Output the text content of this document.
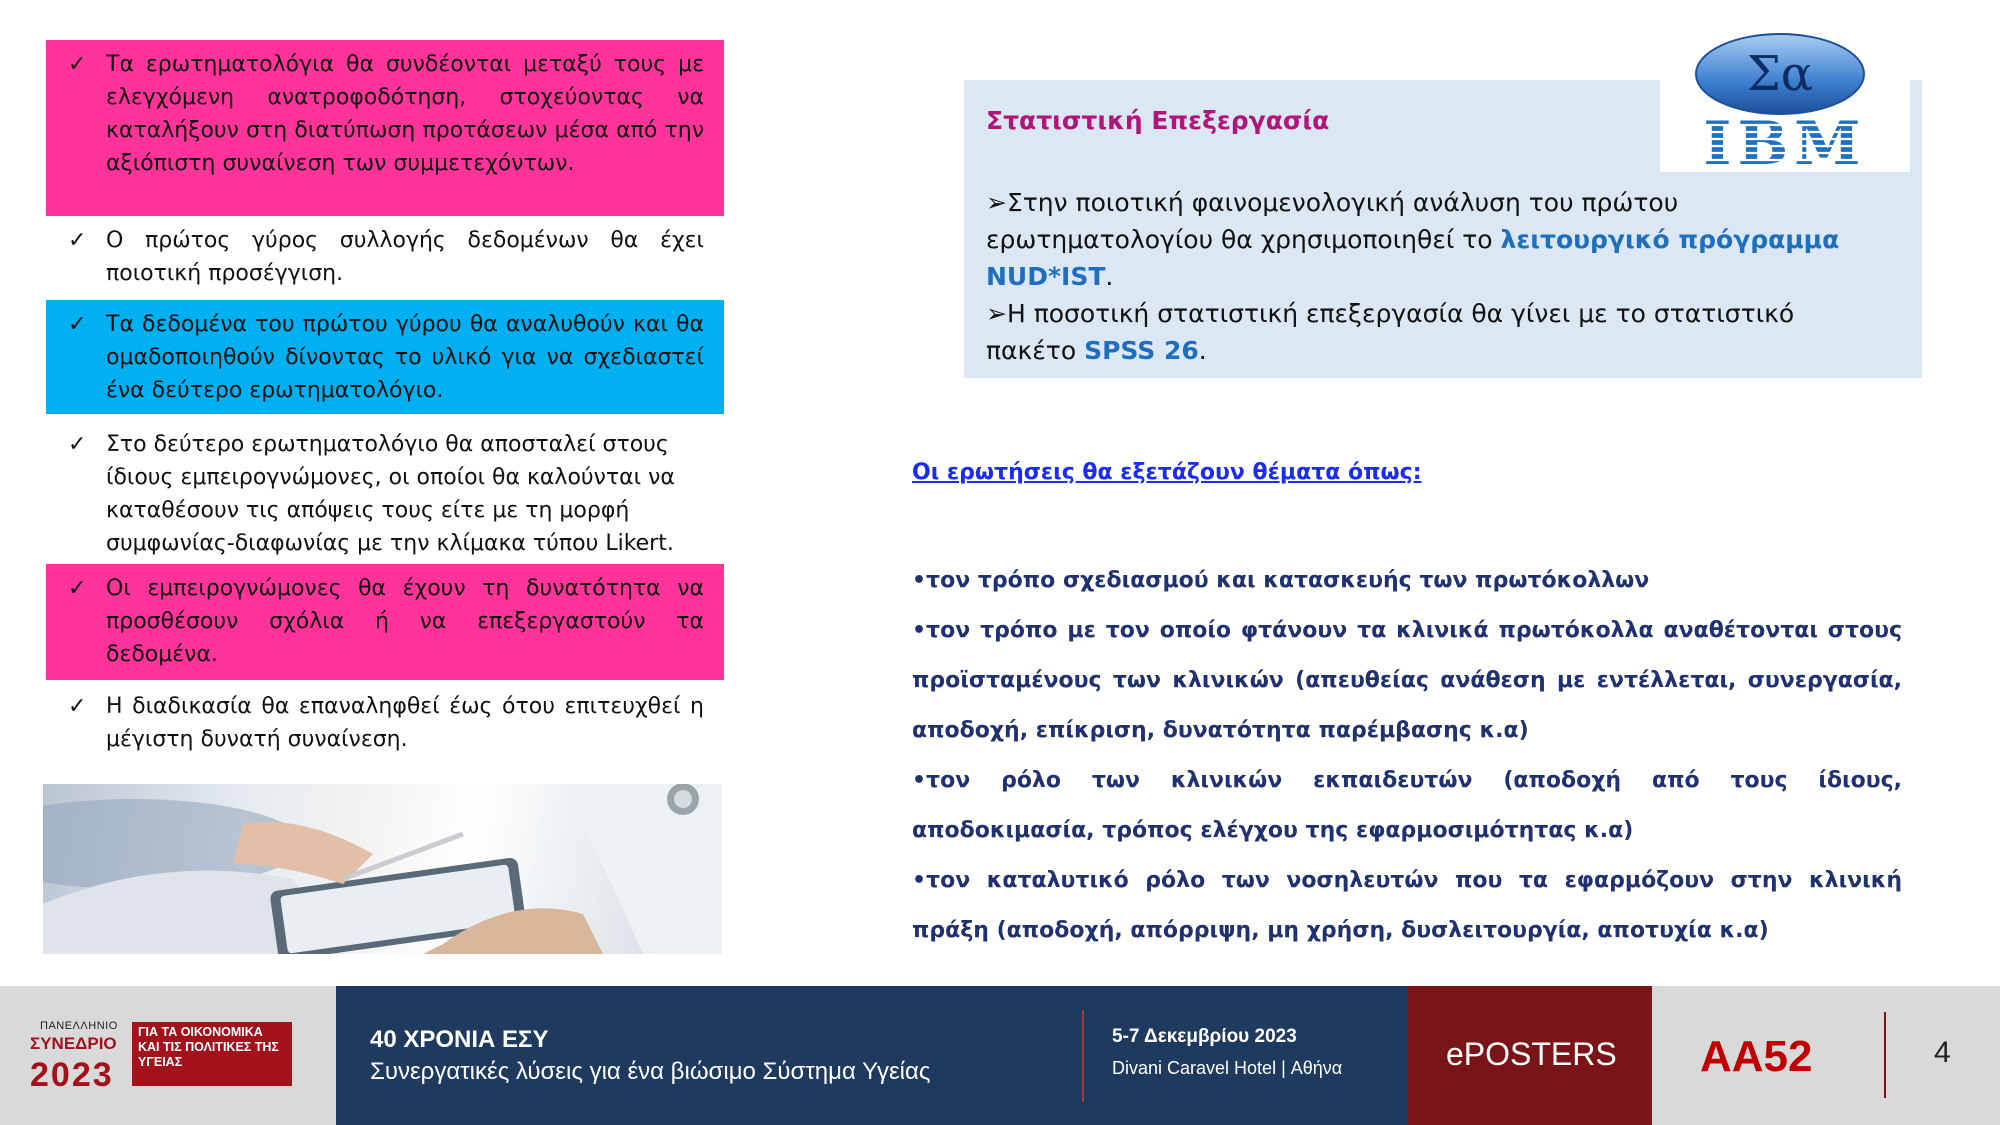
✓ Τα ερωτηματολόγια θα συνδέονται μεταξύ τους με ελεγχόμενη ανατροφοδότηση, στοχεύοντας να καταλήξουν στη διατύπωση προτάσεων μέσα από την αξιόπιστη συναίνεση των συμμετεχόντων.
✓ Ο πρώτος γύρος συλλογής δεδομένων θα έχει ποιοτική προσέγγιση.
✓ Τα δεδομένα του πρώτου γύρου θα αναλυθούν και θα ομαδοποιηθούν δίνοντας το υλικό για να σχεδιαστεί ένα δεύτερο ερωτηματολόγιο.
✓ Στο δεύτερο ερωτηματολόγιο θα αποσταλεί στους ίδιους εμπειρογνώμονες, οι οποίοι θα καλούνται να καταθέσουν τις απόψεις τους είτε με τη μορφή συμφωνίας-διαφωνίας με την κλίμακα τύπου Likert.
✓ Οι εμπειρογνώμονες θα έχουν τη δυνατότητα να προσθέσουν σχόλια ή να επεξεργαστούν τα δεδομένα.
✓ Η διαδικασία θα επαναληφθεί έως ότου επιτευχθεί η μέγιστη δυνατή συναίνεση.
Στατιστική Επεξεργασία
➢Στην ποιοτική φαινομενολογική ανάλυση του πρώτου ερωτηματολογίου θα χρησιμοποιηθεί το λειτουργικό πρόγραμμα NUD*IST.
➢Η ποσοτική στατιστική επεξεργασία θα γίνει με το στατιστικό πακέτο SPSS 26.
Σα
IBM
Οι ερωτήσεις θα εξετάζουν θέματα όπως:
•τον τρόπο σχεδιασμού και κατασκευής των πρωτόκολλων
•τον τρόπο με τον οποίο φτάνουν τα κλινικά πρωτόκολλα αναθέτονται στους προϊσταμένους των κλινικών (απευθείας ανάθεση με εντέλλεται, συνεργασία, αποδοχή, επίκριση, δυνατότητα παρέμβασης κ.α)
•τον ρόλο των κλινικών εκπαιδευτών (αποδοχή από τους ίδιους, αποδοκιμασία, τρόπος ελέγχου της εφαρμοσιμότητας κ.α)
•τον καταλυτικό ρόλο των νοσηλευτών που τα εφαρμόζουν στην κλινική πράξη (αποδοχή, απόρριψη, μη χρήση, δυσλειτουργία, αποτυχία κ.α)
ΠΑΝΕΛΛΗΝΙΟ
ΣΥΝΕΔΡΙΟ
2023
ΓΙΑ ΤΑ ΟΙΚΟΝΟΜΙΚΑ ΚΑΙ ΤΙΣ ΠΟΛΙΤΙΚΕΣ ΤΗΣ ΥΓΕΙΑΣ
40 ΧΡΟΝΙΑ ΕΣΥ
Συνεργατικές λύσεις για ένα βιώσιμο Σύστημα Υγείας
5-7 Δεκεμβρίου 2023
Divani Caravel Hotel | Αθήνα	ePOSTERS AA52	4
